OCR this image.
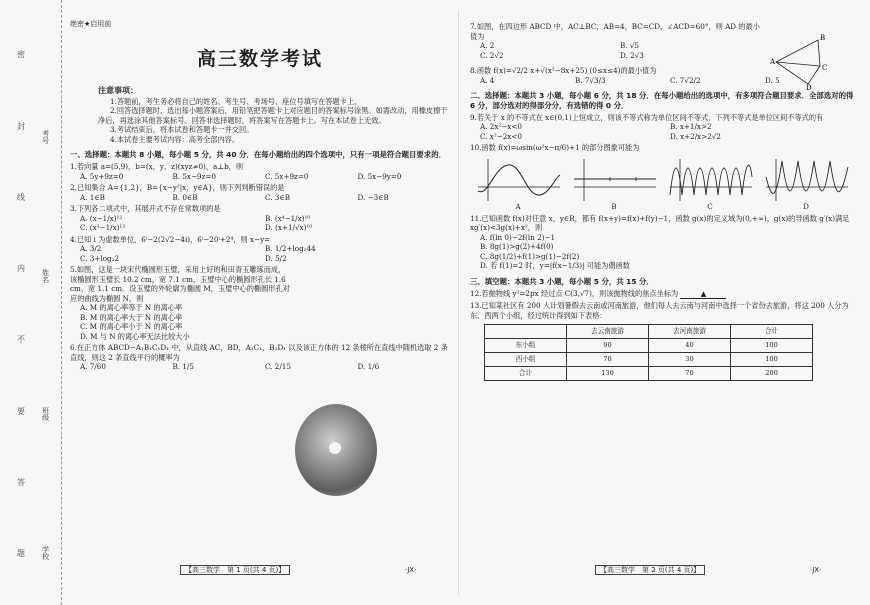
密
封
线
内
不
要
答
题
考号
姓名
班级
学校
绝密★启用前
高三数学考试
注意事项：

1.答题前，考生务必将自己的姓名、考生号、考场号、座位号填写在答题卡上。

2.回答选择题时，选出每小题答案后，用铅笔把答题卡上对应题目的答案标号涂黑。如需改动，用橡皮擦干净后，再选涂其他答案标号。回答非选择题时，将答案写在答题卡上。写在本试卷上无效。

3.考试结束后，将本试卷和答题卡一并交回。

4.本试卷主要考试内容：高考全部内容。

一、选择题：本题共 8 小题，每小题 5 分，共 40 分．在每小题给出的四个选项中，只有一项是符合题目要求的．
1.若向量 a=(5,9)，b=(x，y，z)(xyz≠0)，a⊥b，则
A. 5y+9z=0	B. 5x−9z=0	C. 5x+9z=0	D. 5x−9y=0
2.已知集合 A={1,2}，B={x−y²|x，y∈A}，则下列判断错误的是
A. 1∈B	B. 0∈B	C. 3∈B	D. −3∈B
3.下列各二项式中，其展开式不存在常数项的是
A. (x−1/x)¹²	B. (x⁴−1/x)¹⁰
C. (x³−1/x)¹²	D. (x+1/√x)¹⁰
4.已知 i 为虚数单位，6ⁱ−2(2√2−4i)，6ⁱ−20ⁱ+2⁴，则 x−y=
A. 3/2	B. 1/2+log₂44
C. 3+log₂2	D. 5/2
5.如图，这是一块宋代椭圆形玉璧，采用上好的和田青玉雕琢而成，该椭圆形玉璧长 10.2 cm，宽 7.1 cm，玉璧中心的椭圆形孔长 1.6 cm，宽 1.1 cm．设玉璧的外轮廓为椭圆 M，玉璧中心的椭圆形孔对应的曲线为椭圆 N，则
A. M 的离心率等于 N 的离心率
B. M 的离心率大于 N 的离心率
C. M 的离心率小于 N 的离心率
D. M 与 N 的离心率无法比较大小
6.在正方体 ABCD−A₁B₁C₁D₁ 中，从直线 AC，BD，A₁C₁，B₁D₁ 以及该正方体的 12 条棱所在直线中随机选取 2 条直线，则这 2 条直线平行的概率为
A. 7/60	B. 1/5	C. 2/15	D. 1/6
【高三数学　第 1 页(共 4 页)】	·JX·
7.如图，在四边形 ABCD 中，AC⊥BC，AB=4，BC=CD，∠ACD=60°，则 AD 的最小值为
A. 2	B. √5
C. 2√2	D. 2√3
8.函数 f(x)=√2/2 x+√(x²−8x+25) (0≤x≤4)的最小值为
A. 4	B. 7√3/3	C. 7√2/2	D. 5
二、选择题：本题共 3 小题，每小题 6 分，共 18 分．在每小题给出的选项中，有多项符合题目要求．全部选对的得 6 分，部分选对的得部分分，有选错的得 0 分．
9.若关于 x 的不等式在 x∈(0,1)上恒成立，则该不等式称为单位区间不等式．下列不等式是单位区间不等式的有
A. 2x²−x<0	B. x+1/x>2
C. x²−2x<0	D. x+2/x>2√2
10.函数 f(x)=ωsin(ω²x−π/6)+1 的部分图象可能为
A	B	C	D
11.已知函数 f(x)对任意 x，y∈R，都有 f(x+y)=f(x)+f(y)−1，函数 g(x)的定义域为(0,+∞)，g(x)的导函数 g′(x)满足 xg′(x)<3g(x)+x²，则
A. f(ln 0)−2f(ln 2)−1
B. 8g(1)>g(2)+4f(0)
C. 8g(1/2)+f(1)>g(1)−2f(2)
D. 若 f(1)=2 时，y=|f(x−1/3)| 可能为偶函数
三、填空题：本题共 3 小题，每小题 5 分，共 15 分．
12.若抛物线 y²=2px 经过点 C(3,√7)，则该抛物线的焦点坐标为	▲
13.已知某社区有 200 人计划暑假去云南或河南旅游，他们每人去云南与河南中选择一个省份去旅游，将这 200 人分为东、西两个小组，经过统计得到如下表格：
	去云南旅游	去河南旅游	合计
东小组	90	40	100
西小组	70	30	100
合计	130	70	200
B
A
C
D
【高三数学　第 2 页(共 4 页)】	·JX·
